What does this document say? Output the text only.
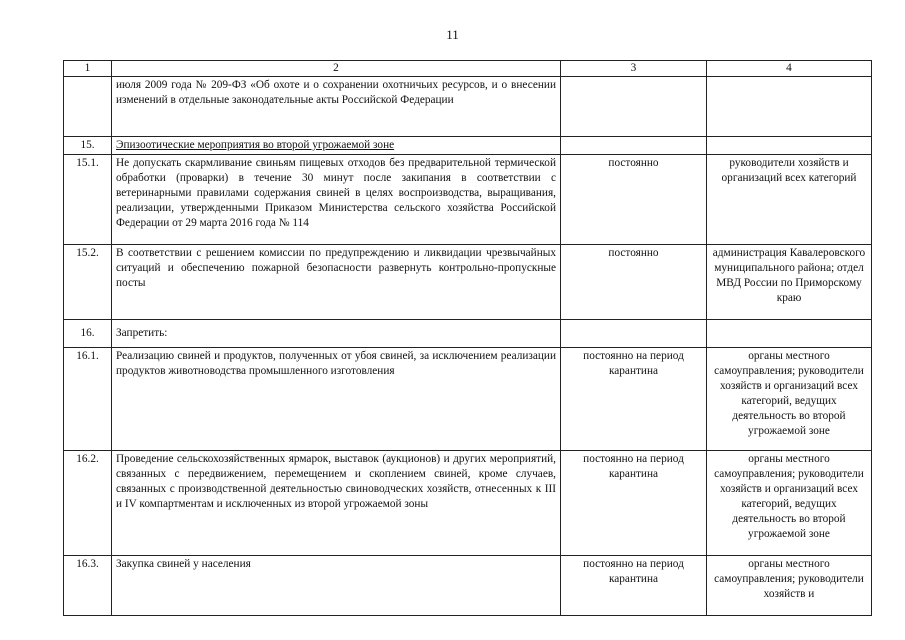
11
1	2	3	4
	июля 2009 года № 209-ФЗ «Об охоте и о сохранении охотничьих ресурсов, и о внесении изменений в отдельные законодательные акты Российской Федерации		
15.	Эпизоотические мероприятия во второй угрожаемой зоне		
15.1.	Не допускать скармливание свиньям пищевых отходов без предварительной термической обработки (проварки) в течение 30 минут после закипания в соответствии с ветеринарными правилами содержания свиней в целях воспроизводства, выращивания, реализации, утвержденными Приказом Министерства сельского хозяйства Российской Федерации от 29 марта 2016 года № 114	постоянно	руководители хозяйств и организаций всех категорий
15.2.	В соответствии с решением комиссии по предупреждению и ликвидации чрезвычайных ситуаций и обеспечению пожарной безопасности развернуть контрольно-пропускные посты	постоянно	администрация Кавалеровского муниципального района; отдел МВД России по Приморскому краю
16.	Запретить:		
16.1.	Реализацию свиней и продуктов, полученных от убоя свиней, за исключением реализации продуктов животноводства промышленного изготовления	постоянно на период карантина	органы местного самоуправления; руководители хозяйств и организаций всех категорий, ведущих деятельность во второй угрожаемой зоне
16.2.	Проведение сельскохозяйственных ярмарок, выставок (аукционов) и других мероприятий, связанных с передвижением, перемещением и скоплением свиней, кроме случаев, связанных с производственной деятельностью свиноводческих хозяйств, отнесенных к III и IV компартментам и исключенных из второй угрожаемой зоны	постоянно на период карантина	органы местного самоуправления; руководители хозяйств и организаций всех категорий, ведущих деятельность во второй угрожаемой зоне
16.3.	Закупка свиней у населения	постоянно на период карантина	органы местного самоуправления; руководители хозяйств и
